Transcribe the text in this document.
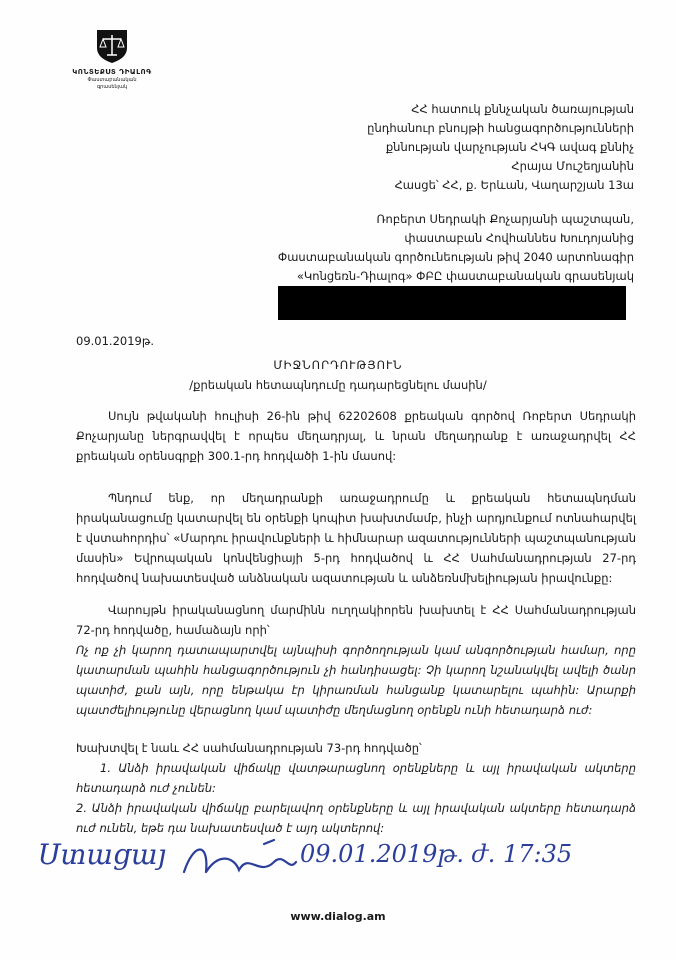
ԿՈՆՏԵՔՍՏ ԴԻԱԼՈԳ
Փաստաբանական
գրասենյակ
ՀՀ հատուկ քննչական ծառայության
ընդհանուր բնույթի հանցագործությունների
քննության վարչության ՀԿԳ ավագ քննիչ
Հրայա Մուշեղյանին
Հասցե՝ ՀՀ, ք. Երևան, Վաղարշյան 13ա
Ռոբերտ Սեդրակի Քոչարյանի պաշտպան,
փաստաբան Հովհաննես Խուդոյանից
Փաստաբանական գործունեության թիվ 2040 արտոնագիր
«Կոնցեռն-Դիալոգ» ՓԲԸ փաստաբանական գրասենյակ
09.01.2019թ.
ՄԻՋՆՈՐԴՈՒԹՅՈՒՆ
/քրեական հետապնդումը դադարեցնելու մասին/
Սույն թվականի հուլիսի 26-ին թիվ 62202608 քրեական գործով Ռոբերտ Սեդրակի Քոչարյանը ներգրավվել է որպես մեղադրյալ, և նրան մեղադրանք է առաջադրվել ՀՀ քրեական օրենսգրքի 300.1-րդ հոդվածի 1-ին մասով:
Պնդում ենք, որ մեղադրանքի առաջադրումը և քրեական հետապնդման իրականացումը կատարվել են օրենքի կոպիտ խախտմամբ, ինչի արդյունքում ոտնահարվել է վստահորդիս՝ «Մարդու իրավունքների և հիմնարար ազատությունների պաշտպանության մասին» Եվրոպական կոնվենցիայի 5-րդ հոդվածով և ՀՀ Սահմանադրության 27-րդ հոդվածով նախատեսված անձնական ազատության և անձեռնմխելիության իրավունքը:
Վարույթն իրականացնող մարմինն ուղղակիորեն խախտել է ՀՀ Սահմանադրության 72-րդ հոդվածը, համաձայն որի՝
Ոչ ոք չի կարող դատապարտվել այնպիսի գործողության կամ անգործության համար, որը կատարման պահին հանցագործություն չի հանդիսացել: Չի կարող նշանակվել ավելի ծանր պատիժ, քան այն, որը ենթակա էր կիրառման հանցանք կատարելու պահին: Արարքի պատժելիությունը վերացնող կամ պատիժը մեղմացնող օրենքն ունի հետադարձ ուժ:
Խախտվել է նաև ՀՀ սահմանադրության 73-րդ հոդվածը՝
1. Անձի իրավական վիճակը վատթարացնող օրենքները և այլ իրավական ակտերը հետադարձ ուժ չունեն:
2. Անձի իրավական վիճակը բարելավող օրենքները և այլ իրավական ակտերը հետադարձ ուժ ունեն, եթե դա նախատեսված է այդ ակտերով:
Ստացայ	09.01.2019թ. ժ. 17:35
www.dialog.am
